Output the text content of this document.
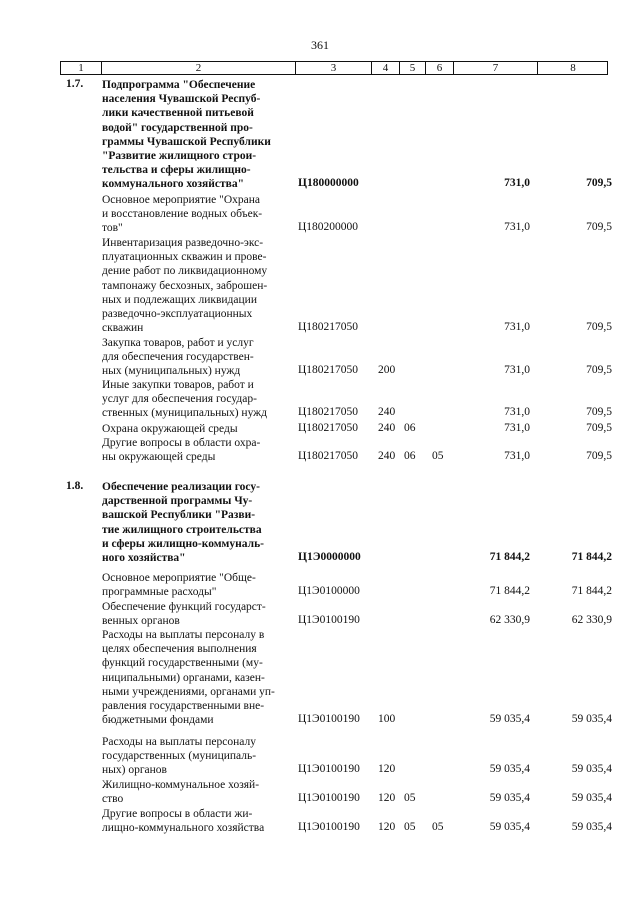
361
1	2	3	4	5	6	7	8
1.7. Подпрограмма "Обеспечение
населения Чувашской Респуб-
лики качественной питьевой
водой" государственной про-
граммы Чувашской Республики
"Развитие жилищного строи-
тельства и сферы жилищно-
коммунального хозяйства"	Ц180000000	731,0	709,5
Основное мероприятие "Охрана
и восстановление водных объек-
тов"	Ц180200000	731,0	709,5
Инвентаризация разведочно-экс-
плуатационных скважин и прове-
дение работ по ликвидационному
тампонажу бесхозных, заброшен-
ных и подлежащих ликвидации
разведочно-эксплуатационных
скважин	Ц180217050	731,0	709,5
Закупка товаров, работ и услуг
для обеспечения государствен-
ных (муниципальных) нужд	Ц180217050 200	731,0	709,5
Иные закупки товаров, работ и
услуг для обеспечения государ-
ственных (муниципальных) нужд	Ц180217050 240	731,0	709,5
Охрана окружающей среды	Ц180217050 240 06	731,0	709,5
Другие вопросы в области охра-
ны окружающей среды	Ц180217050 240 06 05	731,0	709,5
1.8. Обеспечение реализации госу-
дарственной программы Чу-
вашской Республики "Разви-
тие жилищного строительства
и сферы жилищно-коммуналь-
ного хозяйства"	Ц1Э0000000	71 844,2	71 844,2
Основное мероприятие "Обще-
программные расходы"	Ц1Э0100000	71 844,2	71 844,2
Обеспечение функций государст-
венных органов	Ц1Э0100190	62 330,9	62 330,9
Расходы на выплаты персоналу в
целях обеспечения выполнения
функций государственными (му-
ниципальными) органами, казен-
ными учреждениями, органами уп-
равления государственными вне-
бюджетными фондами	Ц1Э0100190 100	59 035,4	59 035,4
Расходы на выплаты персоналу
государственных (муниципаль-
ных) органов	Ц1Э0100190 120	59 035,4	59 035,4
Жилищно-коммунальное хозяй-
ство	Ц1Э0100190 120 05	59 035,4	59 035,4
Другие вопросы в области жи-
лищно-коммунального хозяйства	Ц1Э0100190 120 05 05	59 035,4	59 035,4
